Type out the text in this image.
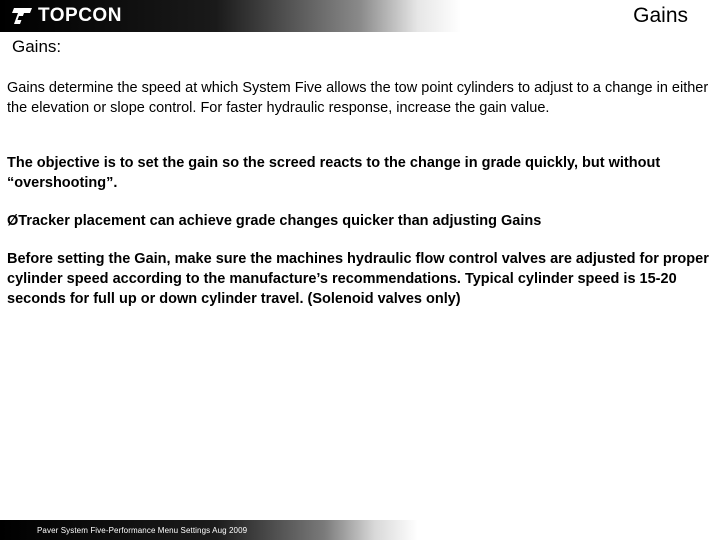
TOPCON	Gains
Gains:

Gains determine the speed at which System Five allows the tow point cylinders to adjust to a change in either the elevation or slope control. For faster hydraulic response, increase the gain value.

The objective is to set the gain so the screed reacts to the change in grade quickly, but without “overshooting”.

ØTracker placement can achieve grade changes quicker than adjusting Gains

Before setting the Gain, make sure the machines hydraulic flow control valves are adjusted for proper cylinder speed according to the manufacture’s recommendations. Typical cylinder speed is 15-20 seconds for full up or down cylinder travel. (Solenoid valves only)

Paver System Five-Performance Menu Settings Aug 2009
